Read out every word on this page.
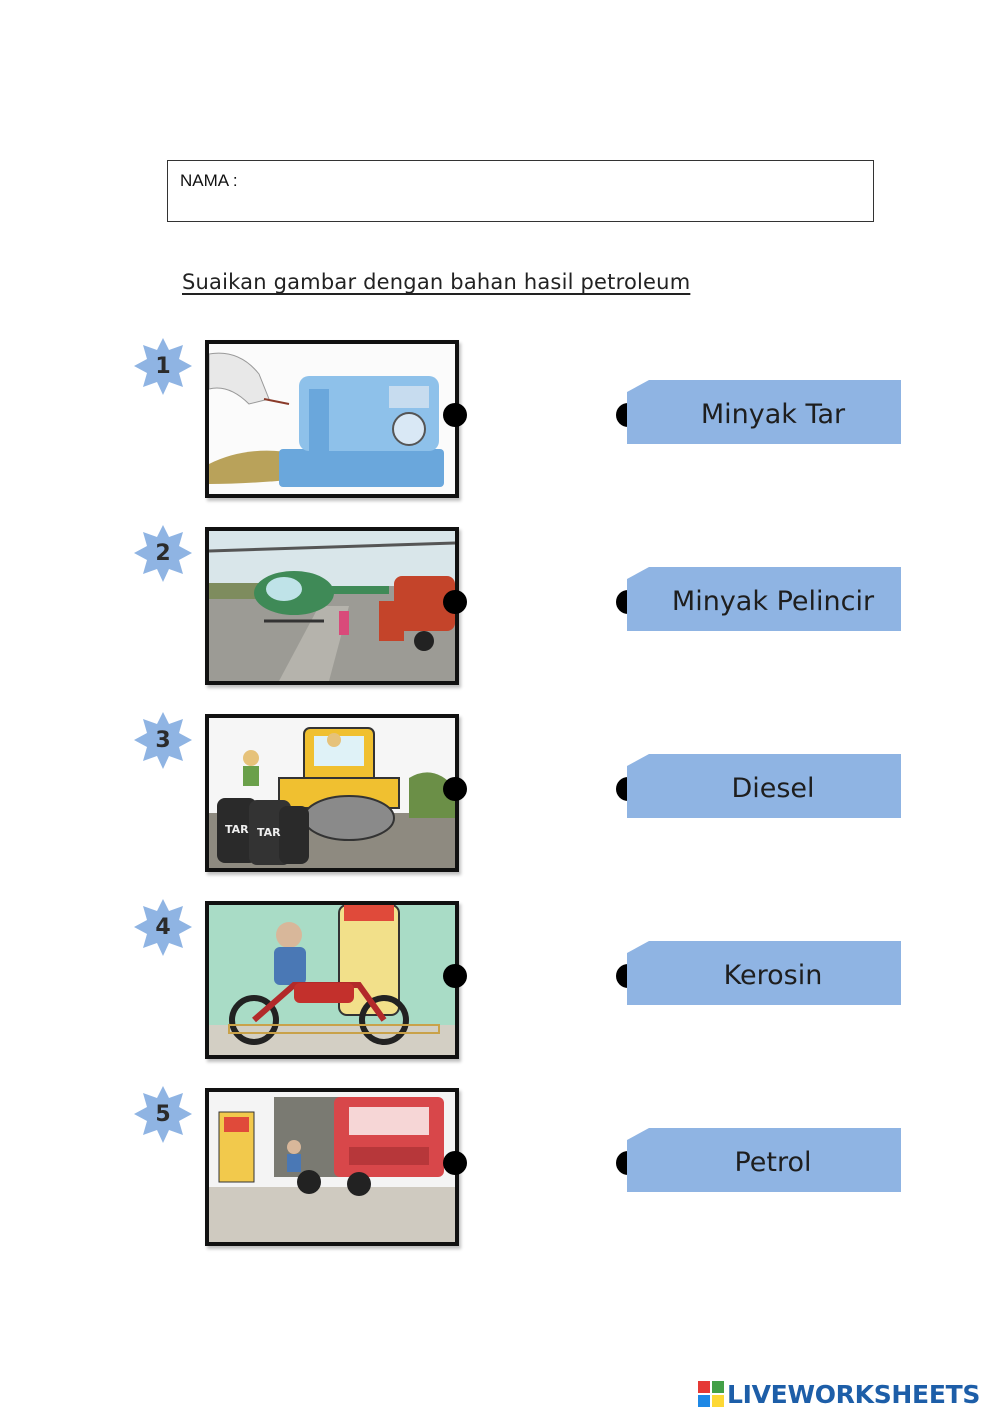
NAMA :
Suaikan gambar dengan bahan hasil petroleum
1
Minyak Tar
2
Minyak Pelincir
3
TAR TAR
Diesel
4
Kerosin
5
Petrol
LIVEWORKSHEETS
